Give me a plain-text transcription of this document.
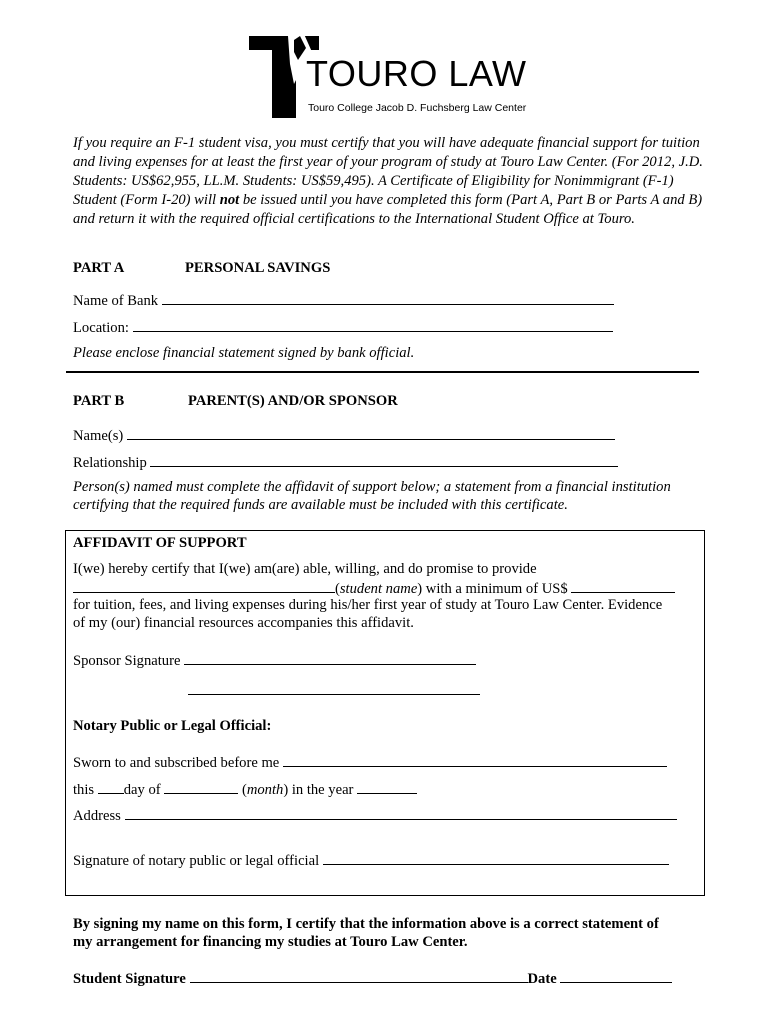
TOURO LAW
Touro College Jacob D. Fuchsberg Law Center
If you require an F-1 student visa, you must certify that you will have adequate financial support for tuition and living expenses for at least the first year of your program of study at Touro Law Center. (For 2012, J.D. Students: US$62,955, LL.M. Students: US$59,495). A Certificate of Eligibility for Nonimmigrant (F-1) Student (Form I-20) will not be issued until you have completed this form (Part A, Part B or Parts A and B) and return it with the required official certifications to the International Student Office at Touro.
PART A	PERSONAL SAVINGS
Name of Bank
Location:
Please enclose financial statement signed by bank official.
PART B	PARENT(S) AND/OR SPONSOR
Name(s)
Relationship
Person(s) named must complete the affidavit of support below; a statement from a financial institution
certifying that the required funds are available must be included with this certificate.
AFFIDAVIT OF SUPPORT
I(we) hereby certify that I(we) am(are) able, willing, and do promise to provide
(student name) with a minimum of US$
for tuition, fees, and living expenses during his/her first year of study at Touro Law Center. Evidence
of my (our) financial resources accompanies this affidavit.
Sponsor Signature
Notary Public or Legal Official:
Sworn to and subscribed before me
this day of	(month) in the year
Address
Signature of notary public or legal official
By signing my name on this form, I certify that the information above is a correct statement of
my arrangement for financing my studies at Touro Law Center.
Student Signature	Date
